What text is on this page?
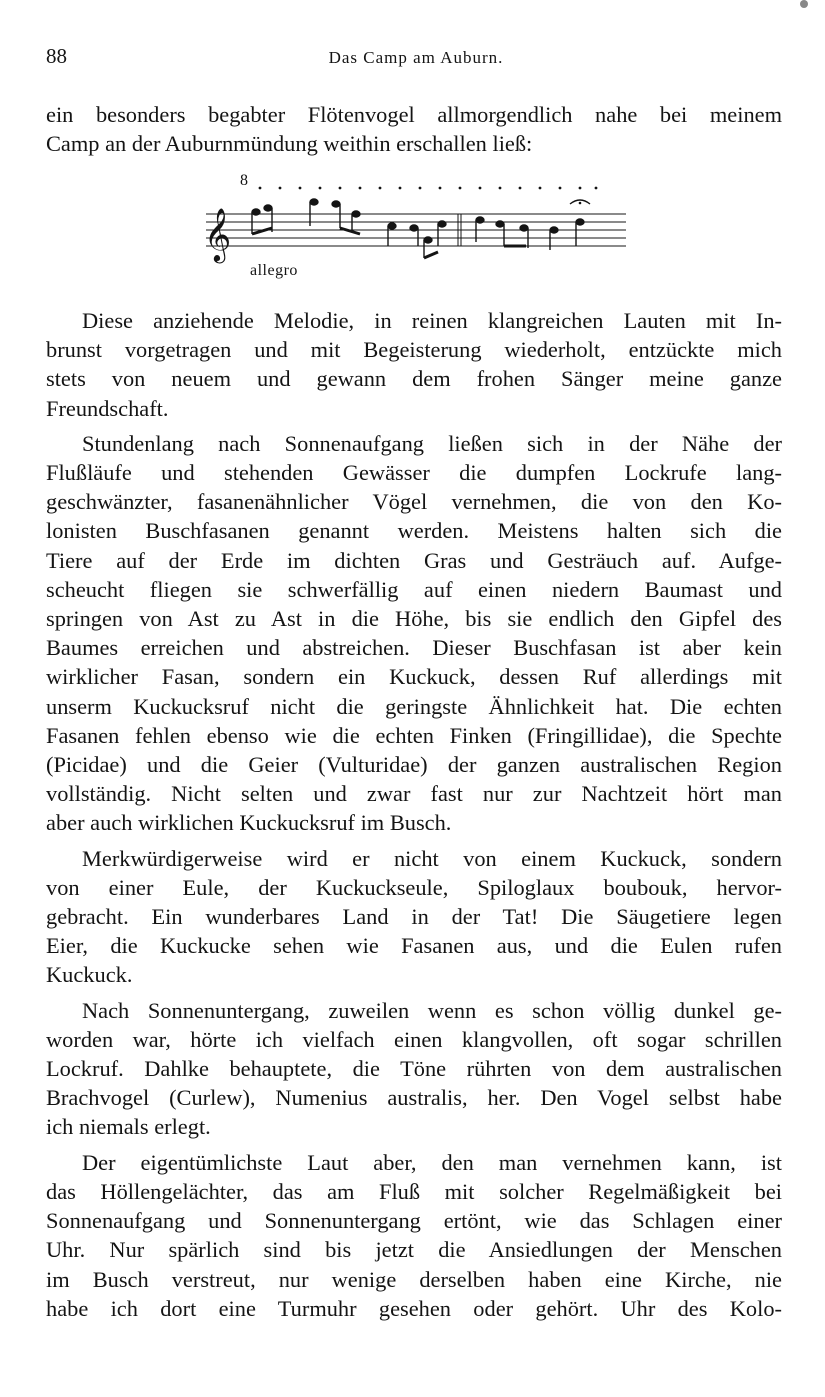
88	Das Camp am Auburn.

ein besonders begabter Flötenvogel allmorgendlich nahe bei meinem

Camp an der Auburnmündung weithin erschallen ließ:

8
𝄞
allegro

Diese anziehende Melodie, in reinen klangreichen Lauten mit In-

brunst vorgetragen und mit Begeisterung wiederholt, entzückte mich

stets von neuem und gewann dem frohen Sänger meine ganze

Freundschaft.

Stundenlang nach Sonnenaufgang ließen sich in der Nähe der

Flußläufe und stehenden Gewässer die dumpfen Lockrufe lang-

geschwänzter, fasanenähnlicher Vögel vernehmen, die von den Ko-

lonisten Buschfasanen genannt werden. Meistens halten sich die

Tiere auf der Erde im dichten Gras und Gesträuch auf. Aufge-

scheucht fliegen sie schwerfällig auf einen niedern Baumast und

springen von Ast zu Ast in die Höhe, bis sie endlich den Gipfel des

Baumes erreichen und abstreichen. Dieser Buschfasan ist aber kein

wirklicher Fasan, sondern ein Kuckuck, dessen Ruf allerdings mit

unserm Kuckucksruf nicht die geringste Ähnlichkeit hat. Die echten

Fasanen fehlen ebenso wie die echten Finken (Fringillidae), die Spechte

(Picidae) und die Geier (Vulturidae) der ganzen australischen Region

vollständig. Nicht selten und zwar fast nur zur Nachtzeit hört man

aber auch wirklichen Kuckucksruf im Busch.

Merkwürdigerweise wird er nicht von einem Kuckuck, sondern

von einer Eule, der Kuckuckseule, Spiloglaux boubouk, hervor-

gebracht. Ein wunderbares Land in der Tat! Die Säugetiere legen

Eier, die Kuckucke sehen wie Fasanen aus, und die Eulen rufen

Kuckuck.

Nach Sonnenuntergang, zuweilen wenn es schon völlig dunkel ge-

worden war, hörte ich vielfach einen klangvollen, oft sogar schrillen

Lockruf. Dahlke behauptete, die Töne rührten von dem australischen

Brachvogel (Curlew), Numenius australis, her. Den Vogel selbst habe

ich niemals erlegt.

Der eigentümlichste Laut aber, den man vernehmen kann, ist

das Höllengelächter, das am Fluß mit solcher Regelmäßigkeit bei

Sonnenaufgang und Sonnenuntergang ertönt, wie das Schlagen einer

Uhr. Nur spärlich sind bis jetzt die Ansiedlungen der Menschen

im Busch verstreut, nur wenige derselben haben eine Kirche, nie

habe ich dort eine Turmuhr gesehen oder gehört. Uhr des Kolo-
